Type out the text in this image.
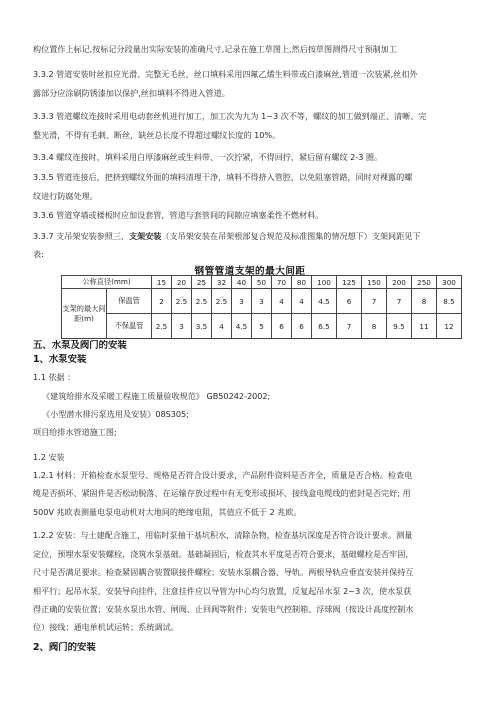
构位置作上标记,按标记分段量出实际安装的准确尺寸,记录在施工草图上,然后按草图测得尺寸预制加工
3.3.2 管道安装时丝扣应光滑、完整无毛丝，丝口填料采用四氟乙烯生料带或白漆麻丝,管道一次装紧,丝扣外
露部分应涂刷防锈漆加以保护,丝扣填料不得进入管道。
3.3.3 管道螺纹连接时采用电动套丝机进行加工，加工次为九为 1~3 次不等，螺纹的加工做到端正、清晰、完
整光滑，不得有毛刺、断丝，缺丝总长度不得超过螺纹长度的 10%。
3.3.4 螺纹连接时，填料采用白厚漆麻丝或生料带、一次拧紧，不得回拧，紧后留有螺纹 2-3 圈。
3.3.5 管道连接后，把挤到螺纹外面的填料清理干净，填料不得挤入管腔，以免阻塞管路，同时对裸露的螺
纹进行防腐处理。
3.3.6 管道穿墙或楼板时应加设套管，管道与套管间的间隙应填塞柔性不燃材料。
3.3.7 支吊架安装参照三、支架安装（支吊架安装在吊架根部复合规范及标准图集的情况想下）支架间距见下
表:
钢管管道支架的最大间距
公称直径(mm)		15	20	25	32	40	50	70	80	100	125	150	200	250	300
支架的最大间距(m)	保温管	2	2.5	2.5	2.5	3	3	4	4	4.5	6	7	7	8	8.5
	不保温管	2.5	3	3.5	4	4.5	5	6	6	6.5	7	8	9.5	11	12
五、水泵及阀门的安装
1、水泵安装
1.1 依据 ：
《建筑给排水及采暖工程施工质量验收规范》 GB50242-2002;
《小型潜水排污泵选用及安装》08S305;
项目给排水管道施工图;
1.2 安装
1.2.1 材料：开箱检查水泵型号、规格是否符合设计要求，产品附件资料是否齐全，质量是否合格。检查电
缆是否损坏、紧固件是否松动脱落、在运输存放过程中有无变形或损坏、接线盒电缆线的密封是否完好; 用
500V 兆欧表测量电泵电动机对大地间的绝缘电阻，其值应不低于 2 兆欧。
1.2.2 安装：与土建配合施工，用临时泵抽干基坑积水，清除杂物，检查基坑深度是否符合设计要求。测量
定位，预埋水泵安装螺栓，浇筑水泵基础。基础凝固后，检查其水平度是否符合要求，基础螺栓是否牢固，
尺寸是否满足要求。检查紧固耦合装置联接件螺栓；安装水泵耦合器、导轨。两根导轨应垂直安装并保持互
相平行；起吊水泵，安装导向挂件，注意挂件应以导管为中心均匀放置，反复起吊水泵 2~3 次，使水泵获
得正确的安装位置；安装水泵出水管、闸阀、止回阀等附件；安装电气控制箱、浮球阀（按设计高度控制水
位）接线；通电单机试运转；系统调试。
2、阀门的安装
